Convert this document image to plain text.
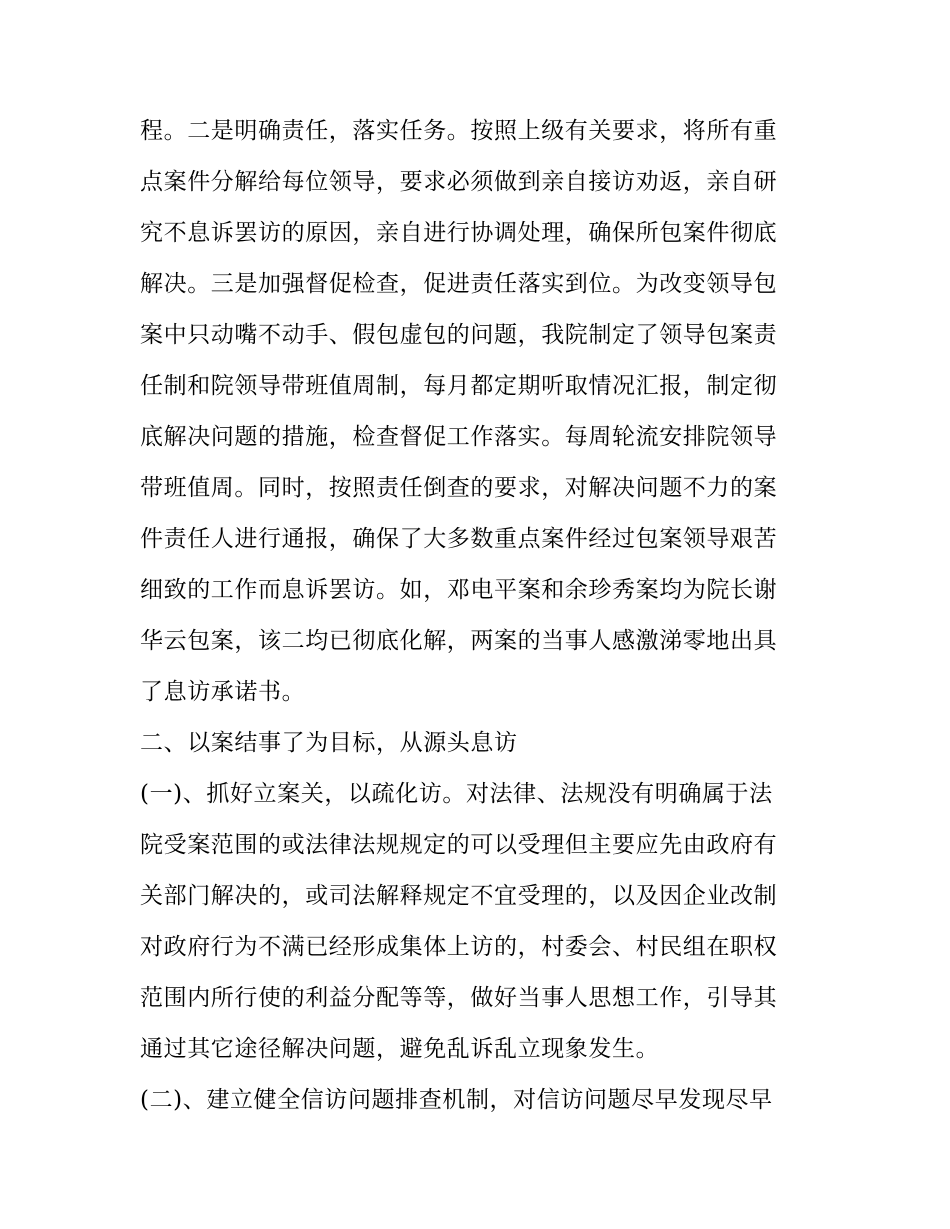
程。二是明确责任，落实任务。按照上级有关要求，将所有重
点案件分解给每位领导，要求必须做到亲自接访劝返，亲自研
究不息诉罢访的原因，亲自进行协调处理，确保所包案件彻底
解决。三是加强督促检查，促进责任落实到位。为改变领导包
案中只动嘴不动手、假包虚包的问题，我院制定了领导包案责
任制和院领导带班值周制，每月都定期听取情况汇报，制定彻
底解决问题的措施，检查督促工作落实。每周轮流安排院领导
带班值周。同时，按照责任倒查的要求，对解决问题不力的案
件责任人进行通报，确保了大多数重点案件经过包案领导艰苦
细致的工作而息诉罢访。如，邓电平案和余珍秀案均为院长谢
华云包案，该二均已彻底化解，两案的当事人感激涕零地出具
了息访承诺书。
二、以案结事了为目标，从源头息访
(一)、抓好立案关，以疏化访。对法律、法规没有明确属于法
院受案范围的或法律法规规定的可以受理但主要应先由政府有
关部门解决的，或司法解释规定不宜受理的，以及因企业改制
对政府行为不满已经形成集体上访的，村委会、村民组在职权
范围内所行使的利益分配等等，做好当事人思想工作，引导其
通过其它途径解决问题，避免乱诉乱立现象发生。
(二)、建立健全信访问题排查机制，对信访问题尽早发现尽早
